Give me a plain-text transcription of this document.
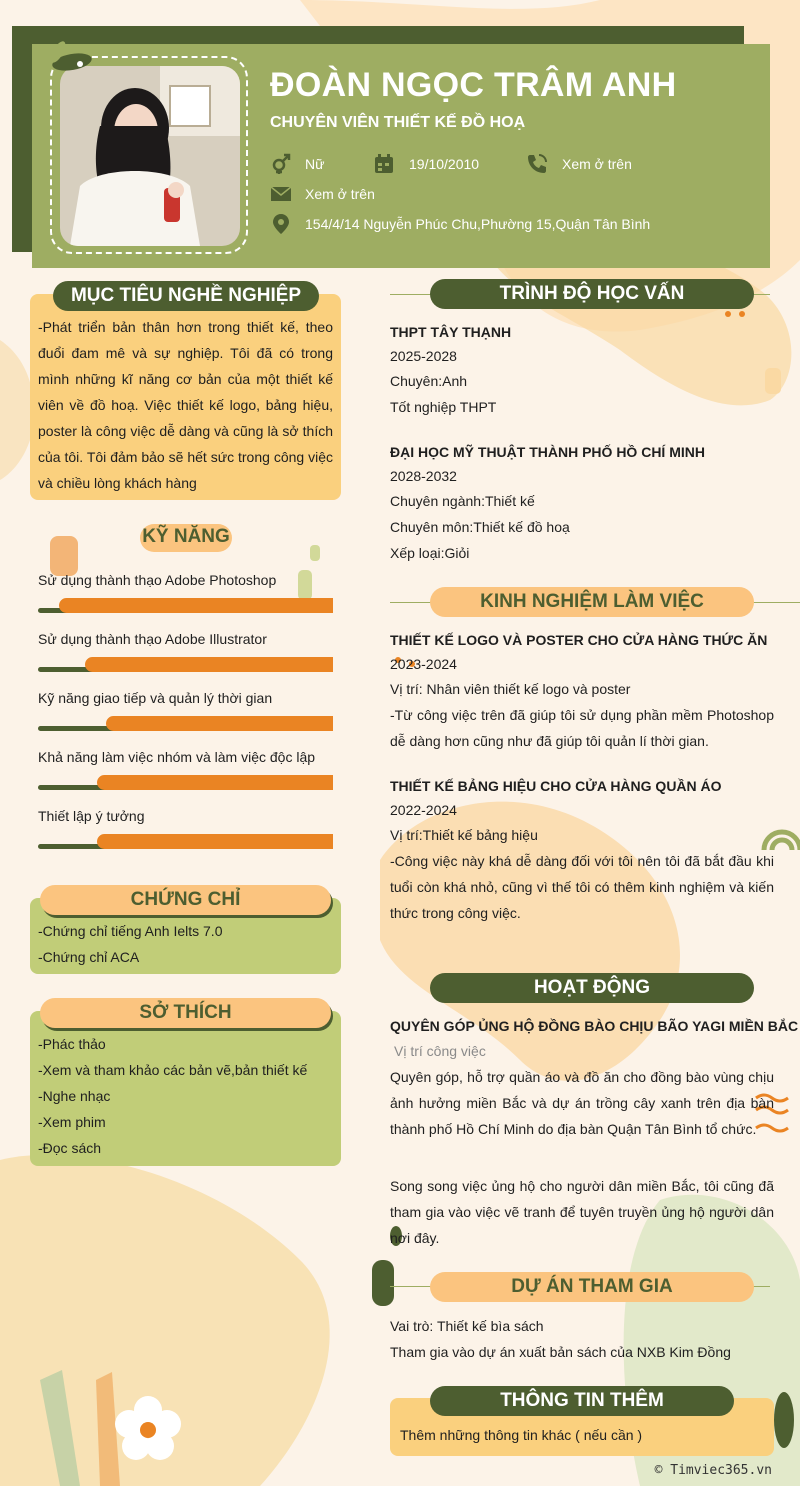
ĐOÀN NGỌC TRÂM ANH
CHUYÊN VIÊN THIẾT KẾ ĐỒ HOẠ
Nữ	19/10/2010	Xem ở trên
Xem ở trên
154/4/14 Nguyễn Phúc Chu,Phường 15,Quận Tân Bình
MỤC TIÊU NGHỀ NGHIỆP
-Phát triển bản thân hơn trong thiết kế, theo đuổi đam mê và sự nghiệp. Tôi đã có trong mình những kĩ năng cơ bản của một thiết kế viên về đồ hoạ. Việc thiết kế logo, bảng hiệu, poster là công việc dễ dàng và cũng là sở thích của tôi. Tôi đảm bảo sẽ hết sức trong công việc và chiều lòng khách hàng
KỸ NĂNG
Sử dụng thành thạo Adobe Photoshop
Sử dụng thành thạo Adobe Illustrator
Kỹ năng giao tiếp và quản lý thời gian
Khả năng làm việc nhóm và làm việc độc lập
Thiết lập ý tưởng
CHỨNG CHỈ
-Chứng chỉ tiếng Anh Ielts 7.0
-Chứng chỉ ACA
SỞ THÍCH
-Phác thảo
-Xem và tham khảo các bản vẽ,bản thiết kế
-Nghe nhạc
-Xem phim
-Đọc sách
TRÌNH ĐỘ HỌC VẤN
THPT TÂY THẠNH
2025-2028
Chuyên:Anh
Tốt nghiệp THPT
ĐẠI HỌC MỸ THUẬT THÀNH PHỐ HỒ CHÍ MINH
2028-2032
Chuyên ngành:Thiết kế
Chuyên môn:Thiết kế đồ hoạ
Xếp loại:Giỏi
KINH NGHIỆM LÀM VIỆC
THIẾT KẾ LOGO VÀ POSTER CHO CỬA HÀNG THỨC ĂN
2023-2024
Vị trí: Nhân viên thiết kế logo và poster
-Từ công việc trên đã giúp tôi sử dụng phần mềm Photoshop dễ dàng hơn cũng như đã giúp tôi quản lí thời gian.
THIẾT KẾ BẢNG HIỆU CHO CỬA HÀNG QUẦN ÁO
2022-2024
Vị trí:Thiết kế bảng hiệu
-Công việc này khá dễ dàng đối với tôi nên tôi đã bắt đầu khi tuổi còn khá nhỏ, cũng vì thế tôi có thêm kinh nghiệm và kiến thức trong công việc.
HOẠT ĐỘNG
QUYÊN GÓP ỦNG HỘ ĐỒNG BÀO CHỊU BÃO YAGI MIỀN BẮC
Vị trí công việc
Quyên góp, hỗ trợ quần áo và đồ ăn cho đồng bào vùng chịu ảnh hưởng miền Bắc và dự án trồng cây xanh trên địa bàn thành phố Hồ Chí Minh do địa bàn Quận Tân Bình tổ chức.
Song song việc ủng hộ cho người dân miền Bắc, tôi cũng đã tham gia vào việc vẽ tranh để tuyên truyền ủng hộ người dân nơi đây.
DỰ ÁN THAM GIA
Vai trò: Thiết kế bìa sách
Tham gia vào dự án xuất bản sách của NXB Kim Đồng
THÔNG TIN THÊM
Thêm những thông tin khác ( nếu cần )
© Timviec365.vn
